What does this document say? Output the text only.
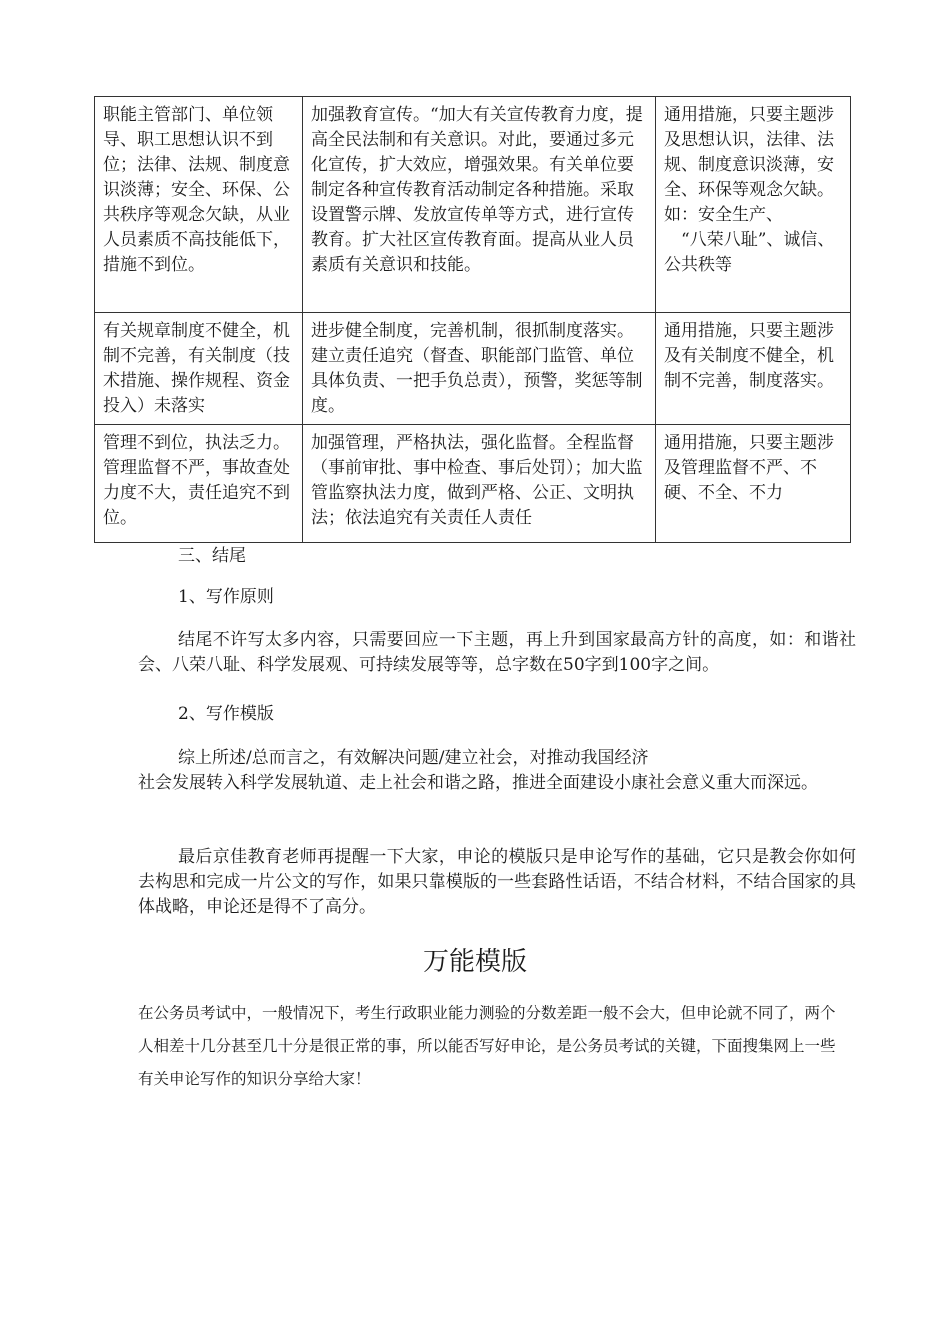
职能主管部门、单位领导、职工思想认识不到位；法律、法规、制度意识淡薄；安全、环保、公共秩序等观念欠缺，从业人员素质不高技能低下，措施不到位。	加强教育宣传。“加大有关宣传教育力度，提高全民法制和有关意识。对此，要通过多元化宣传，扩大效应，增强效果。有关单位要制定各种宣传教育活动制定各种措施。采取设置警示牌、发放宣传单等方式，进行宣传教育。扩大社区宣传教育面。提高从业人员素质有关意识和技能。	通用措施，只要主题涉及思想认识，法律、法规、制度意识淡薄，安全、环保等观念欠缺。如：安全生产、
　“八荣八耻”、诚信、公共秩等

有关规章制度不健全，机制不完善，有关制度（技术措施、操作规程、资金投入）未落实	进步健全制度，完善机制，很抓制度落实。建立责任追究（督查、职能部门监管、单位具体负责、一把手负总责），预警，奖惩等制度。	通用措施，只要主题涉及有关制度不健全，机制不完善，制度落实。

管理不到位，执法乏力。管理监督不严，事故查处力度不大，责任追究不到位。	加强管理，严格执法，强化监督。全程监督（事前审批、事中检查、事后处罚）；加大监管监察执法力度，做到严格、公正、文明执法；依法追究有关责任人责任	通用措施，只要主题涉及管理监督不严、不硬、不全、不力
三、结尾
1、写作原则
结尾不许写太多内容，只需要回应一下主题，再上升到国家最高方针的高度，如：和谐社会、八荣八耻、科学发展观、可持续发展等等，总字数在50字到100字之间。
2、写作模版
综上所述/总而言之，有效解决问题/建立社会，对推动我国经济
社会发展转入科学发展轨道、走上社会和谐之路，推进全面建设小康社会意义重大而深远。
最后京佳教育老师再提醒一下大家，申论的模版只是申论写作的基础，它只是教会你如何去构思和完成一片公文的写作，如果只靠模版的一些套路性话语，不结合材料，不结合国家的具体战略，申论还是得不了高分。
万能模版
在公务员考试中，一般情况下，考生行政职业能力测验的分数差距一般不会大，但申论就不同了，两个人相差十几分甚至几十分是很正常的事，所以能否写好申论，是公务员考试的关键，下面搜集网上一些有关申论写作的知识分享给大家！
